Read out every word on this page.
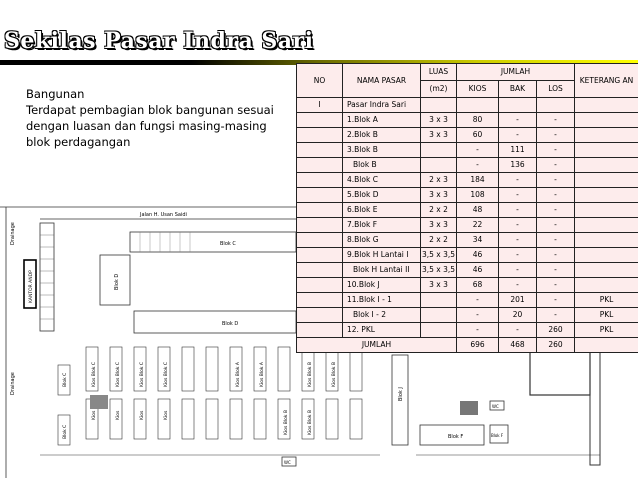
Sekilas Pasar Indra Sari
Bangunan
Terdapat pembagian blok bangunan sesuai
dengan luasan dan fungsi masing-masing
blok perdagangan
Jalan H. Usan Saidi
Drainage
Drainage
KANTOR ANDP
Blok C
Blok D
Blok D
Kios Blok C	Kios Blok C	Kios Blok C	Kios Blok C	Kios Blok A	Kios Blok A	Kios Blok B	Kios Blok B
Kios Blok B	Kios Blok B
Kios	Kios	Kios	Kios
Blok C
Blok C
Blok J
Blok F	Blok F
WC
WC
NO	NAMA PASAR	LUAS	JUMLAH			KETERANG AN
		(m2)	KIOS	BAK	LOS	
I	Pasar Indra Sari					
	1.Blok A	3 x 3	80	-	-	
	2.Blok B	3 x 3	60	-	-	
	3.Blok B		-	111	-	
	Blok B		-	136	-	
	4.Blok C	2 x 3	184	-	-	
	5.Blok D	3 x 3	108	-	-	
	6.Blok E	2 x 2	48	-	-	
	7.Blok F	3 x 3	22	-	-	
	8.Blok G	2 x 2	34	-	-	
	9.Blok H Lantai I	3,5 x 3,5	46	-	-	
	Blok H Lantai II	3,5 x 3,5	46	-	-	
	10.Blok J	3 x 3	68	-	-	
	11.Blok I - 1		-	201	-	PKL
	Blok I - 2		-	20	-	PKL
	12. PKL		-	-	260	PKL
JUMLAH			696	468	260	
